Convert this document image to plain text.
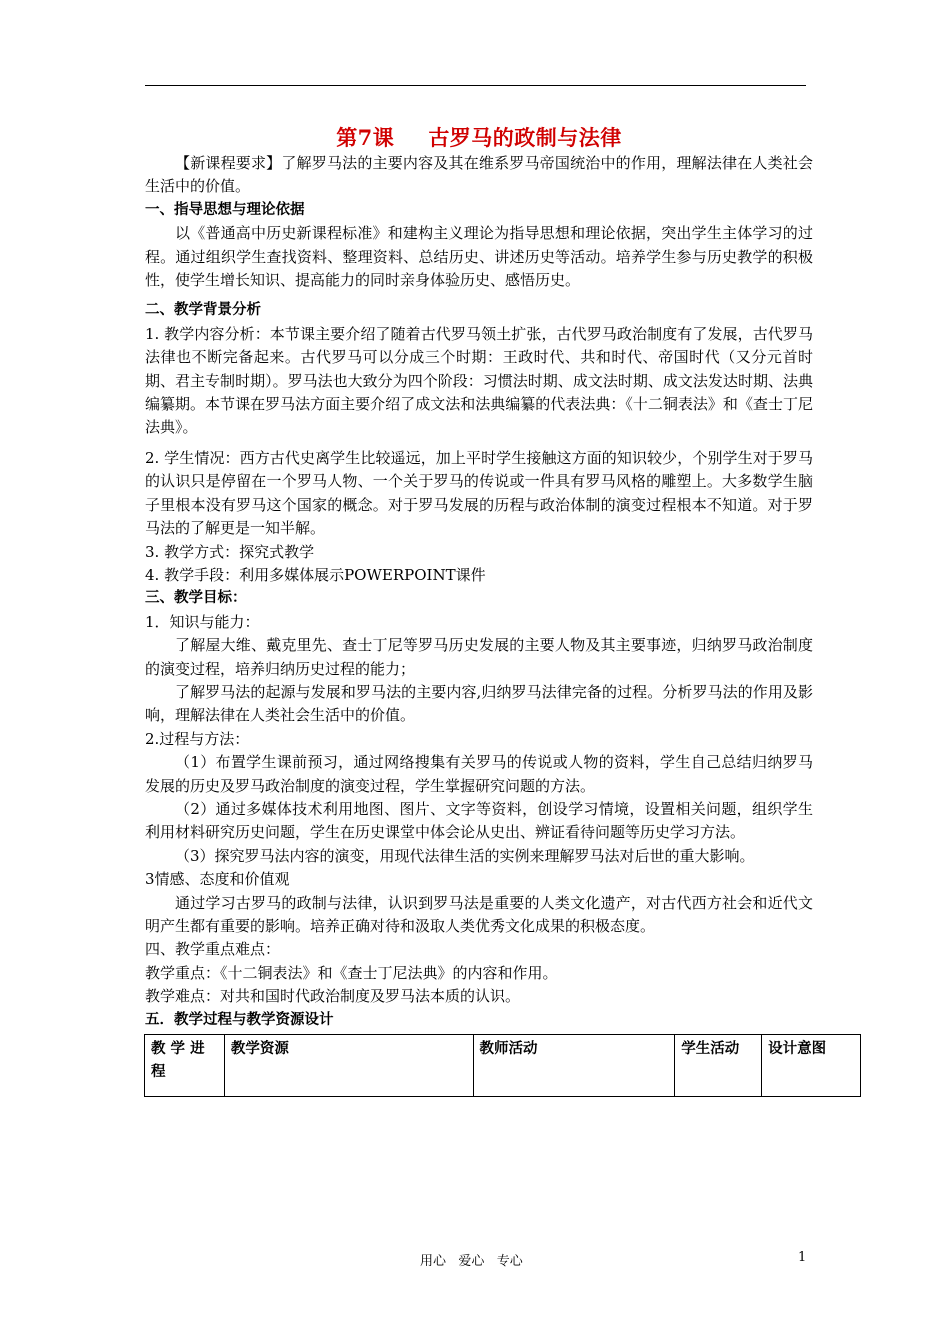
第7课 古罗马的政制与法律

【新课程要求】了解罗马法的主要内容及其在维系罗马帝国统治中的作用，理解法律在人类社会生活中的价值。

一、指导思想与理论依据

以《普通高中历史新课程标准》和建构主义理论为指导思想和理论依据，突出学生主体学习的过程。通过组织学生查找资料、整理资料、总结历史、讲述历史等活动。培养学生参与历史教学的积极性，使学生增长知识、提高能力的同时亲身体验历史、感悟历史。

二、教学背景分析

1. 教学内容分析：本节课主要介绍了随着古代罗马领土扩张，古代罗马政治制度有了发展，古代罗马法律也不断完备起来。古代罗马可以分成三个时期：王政时代、共和时代、帝国时代（又分元首时期、君主专制时期）。罗马法也大致分为四个阶段：习惯法时期、成文法时期、成文法发达时期、法典编纂期。本节课在罗马法方面主要介绍了成文法和法典编纂的代表法典：《十二铜表法》和《查士丁尼法典》。

2. 学生情况：西方古代史离学生比较遥远，加上平时学生接触这方面的知识较少，个别学生对于罗马的认识只是停留在一个罗马人物、一个关于罗马的传说或一件具有罗马风格的雕塑上。大多数学生脑子里根本没有罗马这个国家的概念。对于罗马发展的历程与政治体制的演变过程根本不知道。对于罗马法的了解更是一知半解。

3. 教学方式：探究式教学

4. 教学手段：利用多媒体展示POWERPOINT课件

三、教学目标：

1．知识与能力：

了解屋大维、戴克里先、查士丁尼等罗马历史发展的主要人物及其主要事迹，归纳罗马政治制度的演变过程，培养归纳历史过程的能力；

了解罗马法的起源与发展和罗马法的主要内容,归纳罗马法律完备的过程。分析罗马法的作用及影响，理解法律在人类社会生活中的价值。

2.过程与方法：

（1）布置学生课前预习，通过网络搜集有关罗马的传说或人物的资料，学生自己总结归纳罗马发展的历史及罗马政治制度的演变过程，学生掌握研究问题的方法。

（2）通过多媒体技术利用地图、图片、文字等资料，创设学习情境，设置相关问题，组织学生利用材料研究历史问题，学生在历史课堂中体会论从史出、辨证看待问题等历史学习方法。

（3）探究罗马法内容的演变，用现代法律生活的实例来理解罗马法对后世的重大影响。

3情感、态度和价值观

通过学习古罗马的政制与法律，认识到罗马法是重要的人类文化遗产，对古代西方社会和近代文明产生都有重要的影响。培养正确对待和汲取人类优秀文化成果的积极态度。

四、教学重点难点：

教学重点：《十二铜表法》和《查士丁尼法典》的内容和作用。

教学难点：对共和国时代政治制度及罗马法本质的认识。

五．教学过程与教学资源设计

教 学 进 程	教学资源	教师活动	学生活动	设计意图
用心   爱心   专心	1
